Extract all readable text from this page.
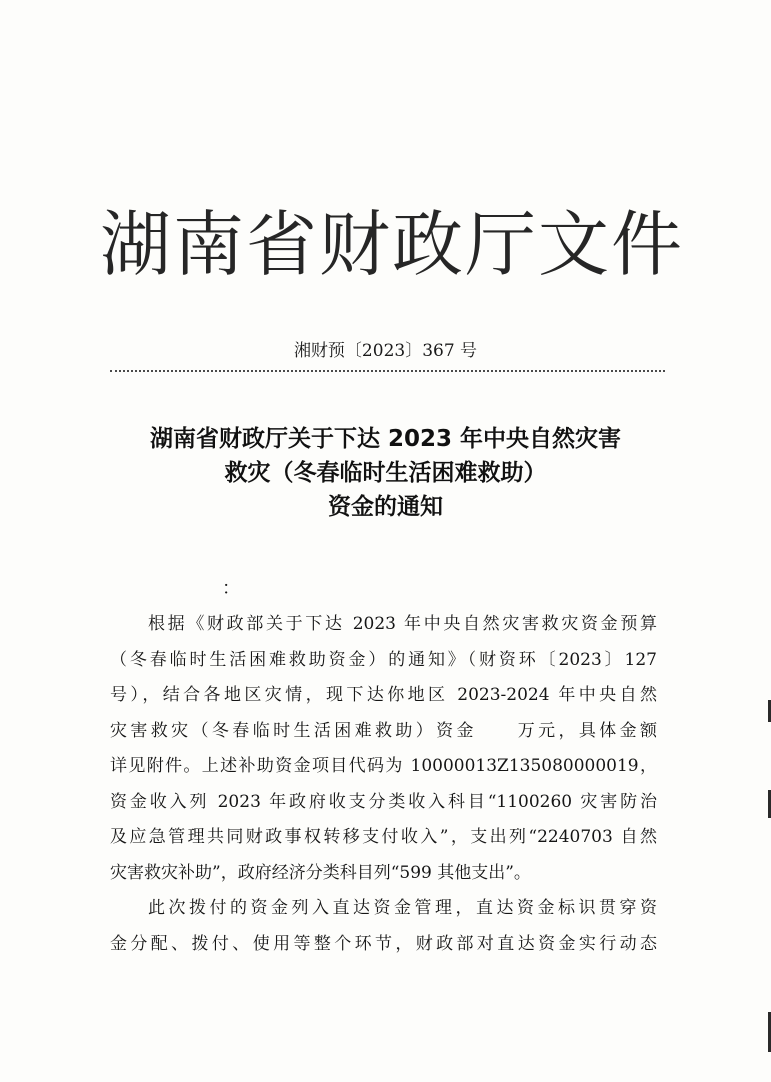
湖南省财政厅文件
湘财预〔2023〕367 号
湖南省财政厅关于下达 2023 年中央自然灾害
救灾（冬春临时生活困难救助）
资金的通知
：
根据《财政部关于下达 2023 年中央自然灾害救灾资金预算
（冬春临时生活困难救助资金）的通知》（财资环〔2023〕127
号），结合各地区灾情，现下达你地区 2023-2024 年中央自然
灾害救灾（冬春临时生活困难救助）资金　　万元，具体金额
详见附件。上述补助资金项目代码为 10000013Z135080000019，
资金收入列 2023 年政府收支分类收入科目“1100260 灾害防治
及应急管理共同财政事权转移支付收入”，支出列“2240703 自然
灾害救灾补助”，政府经济分类科目列“599 其他支出”。
此次拨付的资金列入直达资金管理，直达资金标识贯穿资
金分配、拨付、使用等整个环节，财政部对直达资金实行动态
